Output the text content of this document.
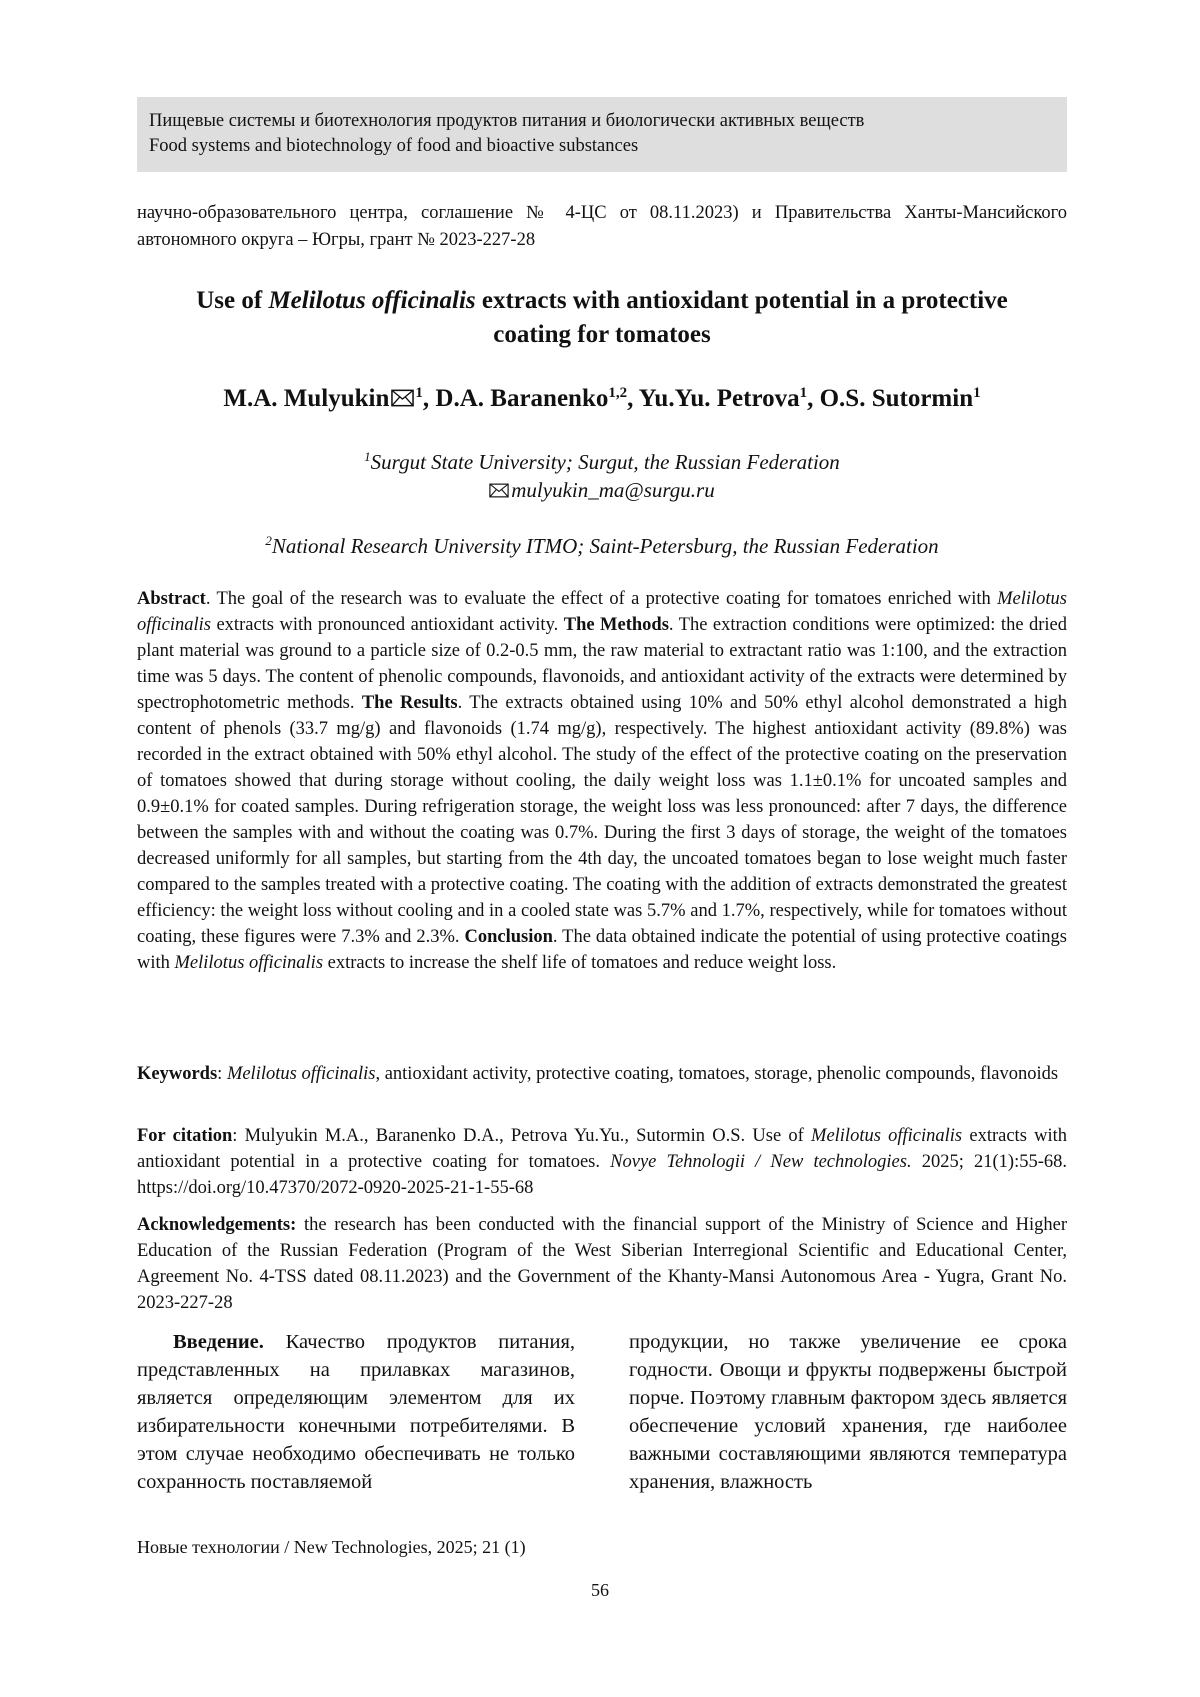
Пищевые системы и биотехнология продуктов питания и биологически активных веществ
Food systems and biotechnology of food and bioactive substances
научно-образовательного центра, соглашение № 4-ЦС от 08.11.2023) и Правительства Ханты-Мансийского автономного округа – Югры, грант № 2023-227-28
Use of Melilotus officinalis extracts with antioxidant potential in a protective
coating for tomatoes
M.A. Mulyukin $^1$, D.A. Baranenko$^{1,2}$, Yu.Yu. Petrova$^1$, O.S. Sutormin$^1$
$^1$Surgut State University; Surgut, the Russian Federation
mulyukin_ma@surgu.ru
$^2$National Research University ITMO; Saint-Petersburg, the Russian Federation
Abstract. The goal of the research was to evaluate the effect of a protective coating for tomatoes enriched with Melilotus officinalis extracts with pronounced antioxidant activity. The Methods. The extraction conditions were optimized: the dried plant material was ground to a particle size of 0.2-0.5 mm, the raw material to extractant ratio was 1:100, and the extraction time was 5 days. The content of phenolic compounds, flavonoids, and antioxidant activity of the extracts were determined by spectrophotometric methods. The Results. The extracts obtained using 10% and 50% ethyl alcohol demonstrated a high content of phenols (33.7 mg/g) and flavonoids (1.74 mg/g), respectively. The highest antioxidant activity (89.8%) was recorded in the extract obtained with 50% ethyl alcohol. The study of the effect of the protective coating on the preservation of tomatoes showed that during storage without cooling, the daily weight loss was 1.1±0.1% for uncoated samples and 0.9±0.1% for coated samples. During refrigeration storage, the weight loss was less pronounced: after 7 days, the difference between the samples with and without the coating was 0.7%. During the first 3 days of storage, the weight of the tomatoes decreased uniformly for all samples, but starting from the 4th day, the uncoated tomatoes began to lose weight much faster compared to the samples treated with a protective coating. The coating with the addition of extracts demonstrated the greatest efficiency: the weight loss without cooling and in a cooled state was 5.7% and 1.7%, respectively, while for tomatoes without coating, these figures were 7.3% and 2.3%. Conclusion. The data obtained indicate the potential of using protective coatings with Melilotus officinalis extracts to increase the shelf life of tomatoes and reduce weight loss.
Keywords: Melilotus officinalis, antioxidant activity, protective coating, tomatoes, storage, phenolic compounds, flavonoids
For citation: Mulyukin M.A., Baranenko D.A., Petrova Yu.Yu., Sutormin O.S. Use of Melilotus officinalis extracts with antioxidant potential in a protective coating for tomatoes. Novye Tehnologii / New technologies. 2025; 21(1):55-68. https://doi.org/10.47370/2072-0920-2025-21-1-55-68
Acknowledgements: the research has been conducted with the financial support of the Ministry of Science and Higher Education of the Russian Federation (Program of the West Siberian Interregional Scientific and Educational Center, Agreement No. 4-TSS dated 08.11.2023) and the Government of the Khanty-Mansi Autonomous Area - Yugra, Grant No. 2023-227-28
Введение. Качество продуктов питания, представленных на прилавках магазинов, является определяющим элементом для их избирательности конечными потребителями. В этом случае необходимо обеспечивать не только сохранность поставляемой
продукции, но также увеличение ее срока годности. Овощи и фрукты подвержены быстрой порче. Поэтому главным фактором здесь является обеспечение условий хранения, где наиболее важными составляющими являются температура хранения, влажность
Новые технологии / New Technologies, 2025; 21 (1)
56
